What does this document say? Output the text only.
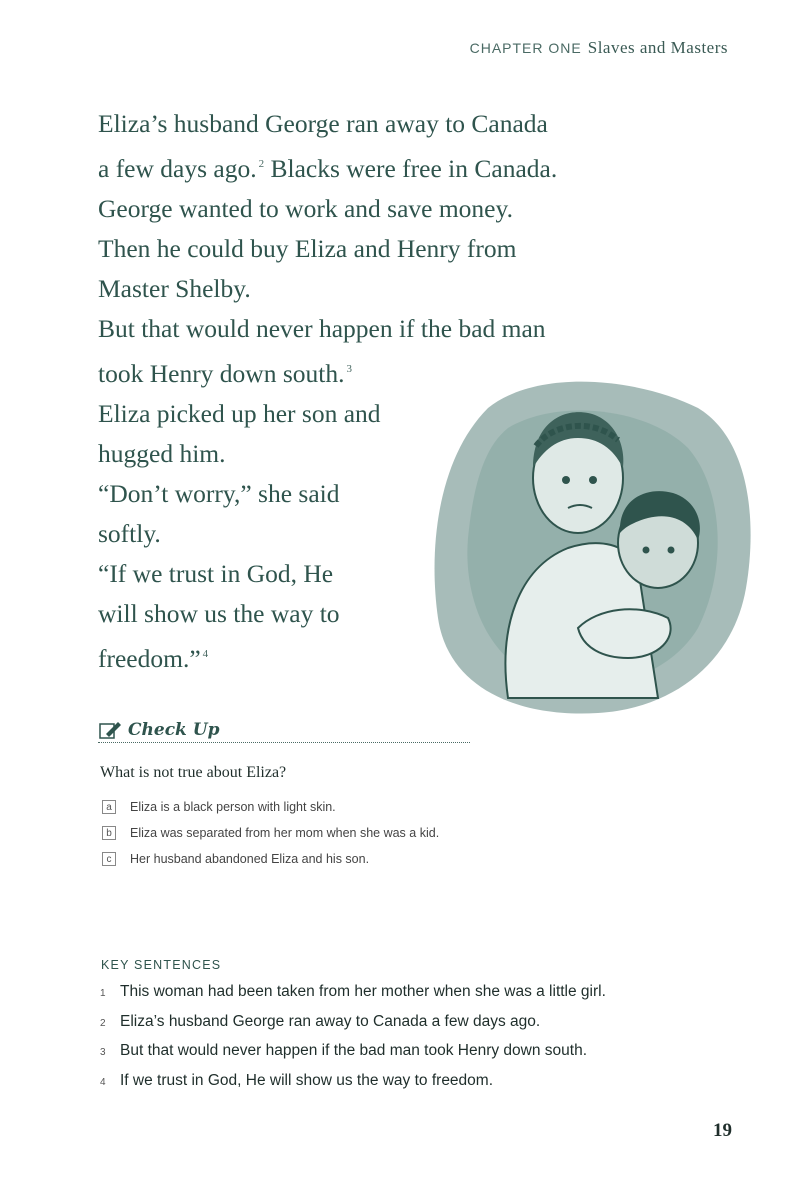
CHAPTER ONE Slaves and Masters
Eliza’s husband George ran away to Canada
a few days ago. $^2$ Blacks were free in Canada.
George wanted to work and save money.
Then he could buy Eliza and Henry from
Master Shelby.
But that would never happen if the bad man
took Henry down south. $^3$
Eliza picked up her son and
hugged him.
“Don’t worry,” she said
softly.
“If we trust in God, He
will show us the way to
freedom.” $^4$
Check Up
What is not true about Eliza?
a	Eliza is a black person with light skin.
b	Eliza was separated from her mom when she was a kid.
c	Her husband abandoned Eliza and his son.
KEY SENTENCES
1 This woman had been taken from her mother when she was a little girl.
2 Eliza’s husband George ran away to Canada a few days ago.
3 But that would never happen if the bad man took Henry down south.
4 If we trust in God, He will show us the way to freedom.
19
